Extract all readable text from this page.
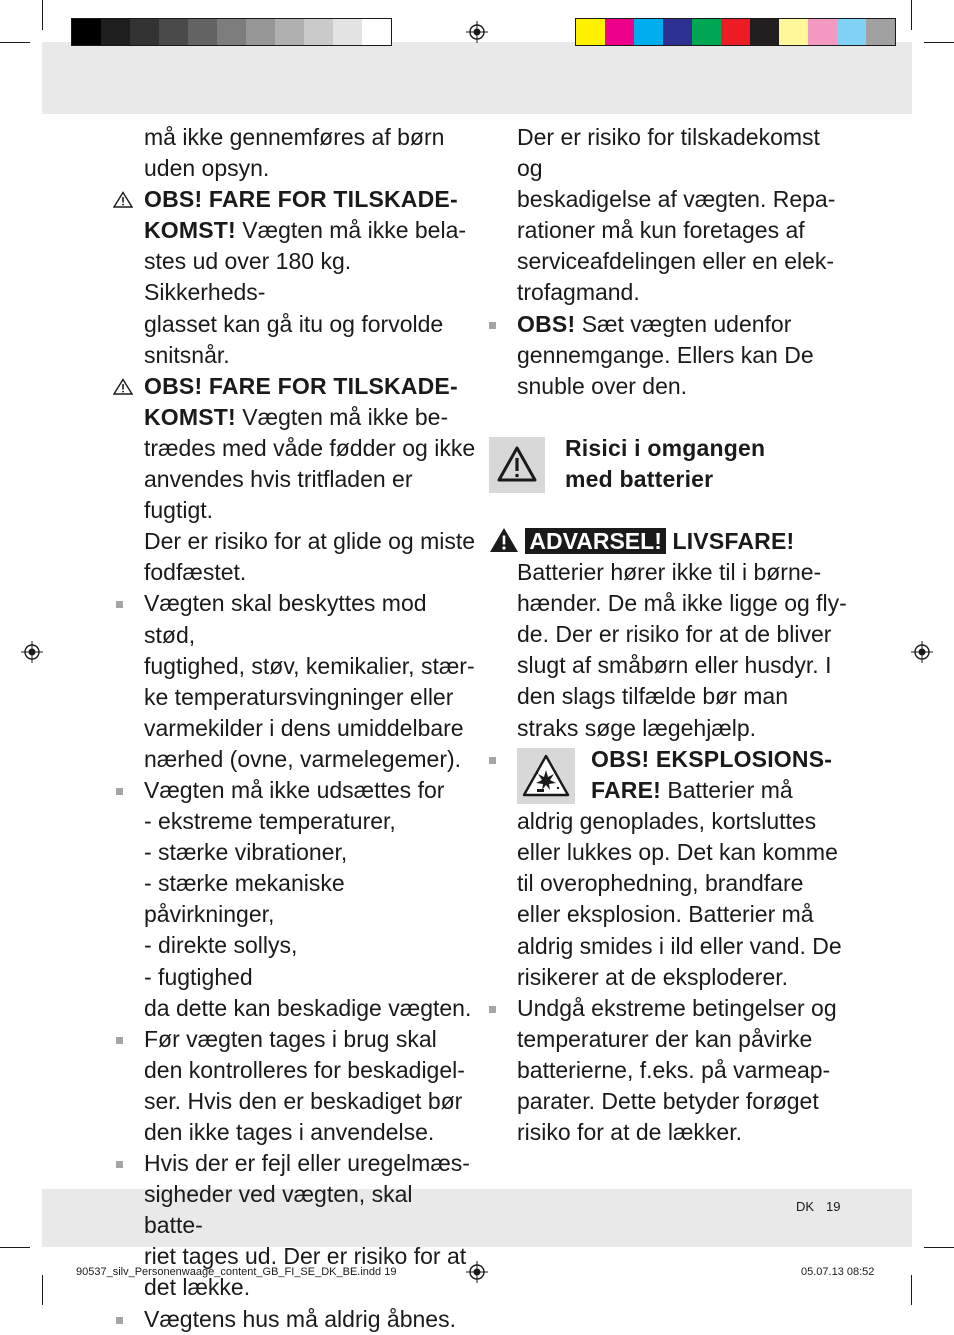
må ikke gennemføres af børn

uden opsyn.

OBS! FARE FOR TILSKADE-

KOMST! Vægten må ikke bela-

stes ud over 180 kg. Sikkerheds-

glasset kan gå itu og forvolde

snitsnår.

OBS! FARE FOR TILSKADE-

KOMST! Vægten må ikke be-

trædes med våde fødder og ikke

anvendes hvis tritfladen er fugtigt.

Der er risiko for at glide og miste

fodfæstet.

Vægten skal beskyttes mod stød,

fugtighed, støv, kemikalier, stær-

ke temperatursvingninger eller

varmekilder i dens umiddelbare

nærhed (ovne, varmelegemer).

Vægten må ikke udsættes for

- ekstreme temperaturer,

- stærke vibrationer,

- stærke mekaniske påvirkninger,

- direkte sollys,

- fugtighed

da dette kan beskadige vægten.

Før vægten tages i brug skal

den kontrolleres for beskadigel-

ser. Hvis den er beskadiget bør

den ikke tages i anvendelse.

Hvis der er fejl eller uregelmæs-

sigheder ved vægten, skal batte-

riet tages ud. Der er risiko for at

det lække.

Vægtens hus må aldrig åbnes.

Der er risiko for tilskadekomst og

beskadigelse af vægten. Repa-

rationer må kun foretages af

serviceafdelingen eller en elek-

trofagmand.

OBS! Sæt vægten udenfor

gennemgange. Ellers kan De

snuble over den.

Risici i omgangen

med batterier

ADVARSEL! LIVSFARE!

Batterier hører ikke til i børne-

hænder. De må ikke ligge og fly-

de. Der er risiko for at de bliver

slugt af småbørn eller husdyr. I

den slags tilfælde bør man

straks søge lægehjælp.

OBS! EKSPLOSIONS-

FARE! Batterier må

aldrig genoplades, kortsluttes

eller lukkes op. Det kan komme

til overophedning, brandfare

eller eksplosion. Batterier må

aldrig smides i ild eller vand. De

risikerer at de eksploderer.

Undgå ekstreme betingelser og

temperaturer der kan påvirke

batterierne, f.eks. på varmeap-

parater. Dette betyder forøget

risiko for at de lækker.

DK 19
90537_silv_Personenwaage_content_GB_FI_SE_DK_BE.indd 19	05.07.13 08:52
